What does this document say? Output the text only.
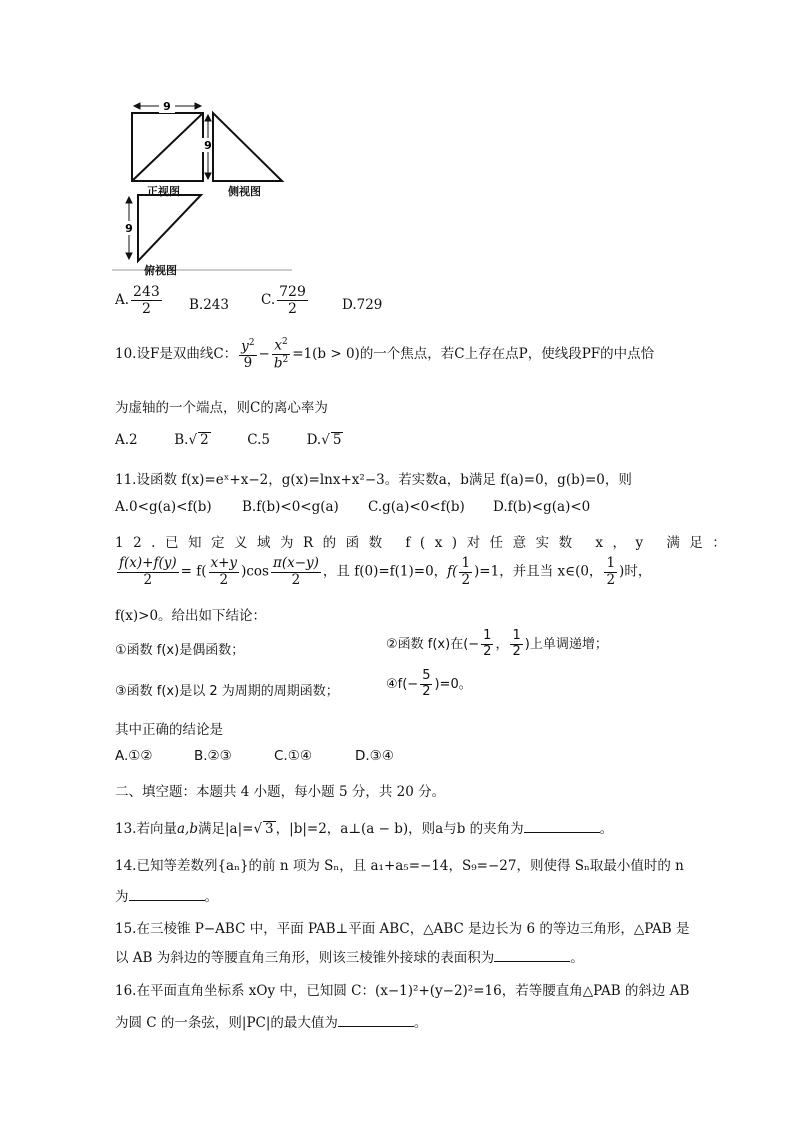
9
9
9
正视图	侧视图
俯视图
A. $\frac{243}{2} B.243$ C. $\frac{729}{2}$	D.729
10.设F是双曲线C： $\frac{y^2}{9} - \frac{x^2}{b^2} =1(b > 0)$的一个焦点，若C上存在点P，使线段PF的中点恰
为虚轴的一个端点，则C的离心率为
A.2	B.√ 2	C.5	D.√ 5
11.设函数 f(x)=eˣ+x−2，g(x)=lnx+x²−3。若实数a，b满足 f(a)=0，g(b)=0，则
A.0<g(a)<f(b) B.f(b)<0<g(a) C.g(a)<0<f(b) D.f(b)<g(a)<0
12.已知定义域为R的函数 f(x)对任意实数 x，y 满足：
$\frac{f(x)+f(y)}{2} = f( \frac{x+y}{2} )\cos \frac{\pi(x-y)}{2}$ ，且 f(0)=f(1)=0，$f( \frac{1}{2} )=1$，并且当 x∈(0， $\frac{1}{2}$ )时，
f(x)>0。给出如下结论：
①函数 f(x)是偶函数；	②函数 f(x)在(− $\frac{1}{2}$ ， $\frac{1}{2}$ )上单调递增；
③函数 f(x)是以 2 为周期的周期函数；	④f(− $\frac{5}{2} )=0$。
其中正确的结论是
A.①②	B.②③	C.①④	D.③④
二、填空题：本题共 4 小题，每小题 5 分，共 20 分。
13.若向量a,b满足|a|=√ 3 ，|b|=2，a⊥(a − b)，则a与b 的夹角为	。
14.已知等差数列{aₙ}的前 n 项为 Sₙ，且 a₁+a₅=−14，S₉=−27，则使得 Sₙ取最小值时的 n
为	。
15.在三棱锥 P−ABC 中，平面 PAB⊥平面 ABC，△ABC 是边长为 6 的等边三角形，△PAB 是
以 AB 为斜边的等腰直角三角形，则该三棱锥外接球的表面积为	。
16.在平面直角坐标系 xOy 中，已知圆 C：(x−1)²+(y−2)²=16，若等腰直角△PAB 的斜边 AB
为圆 C 的一条弦，则|PC|的最大值为	。
